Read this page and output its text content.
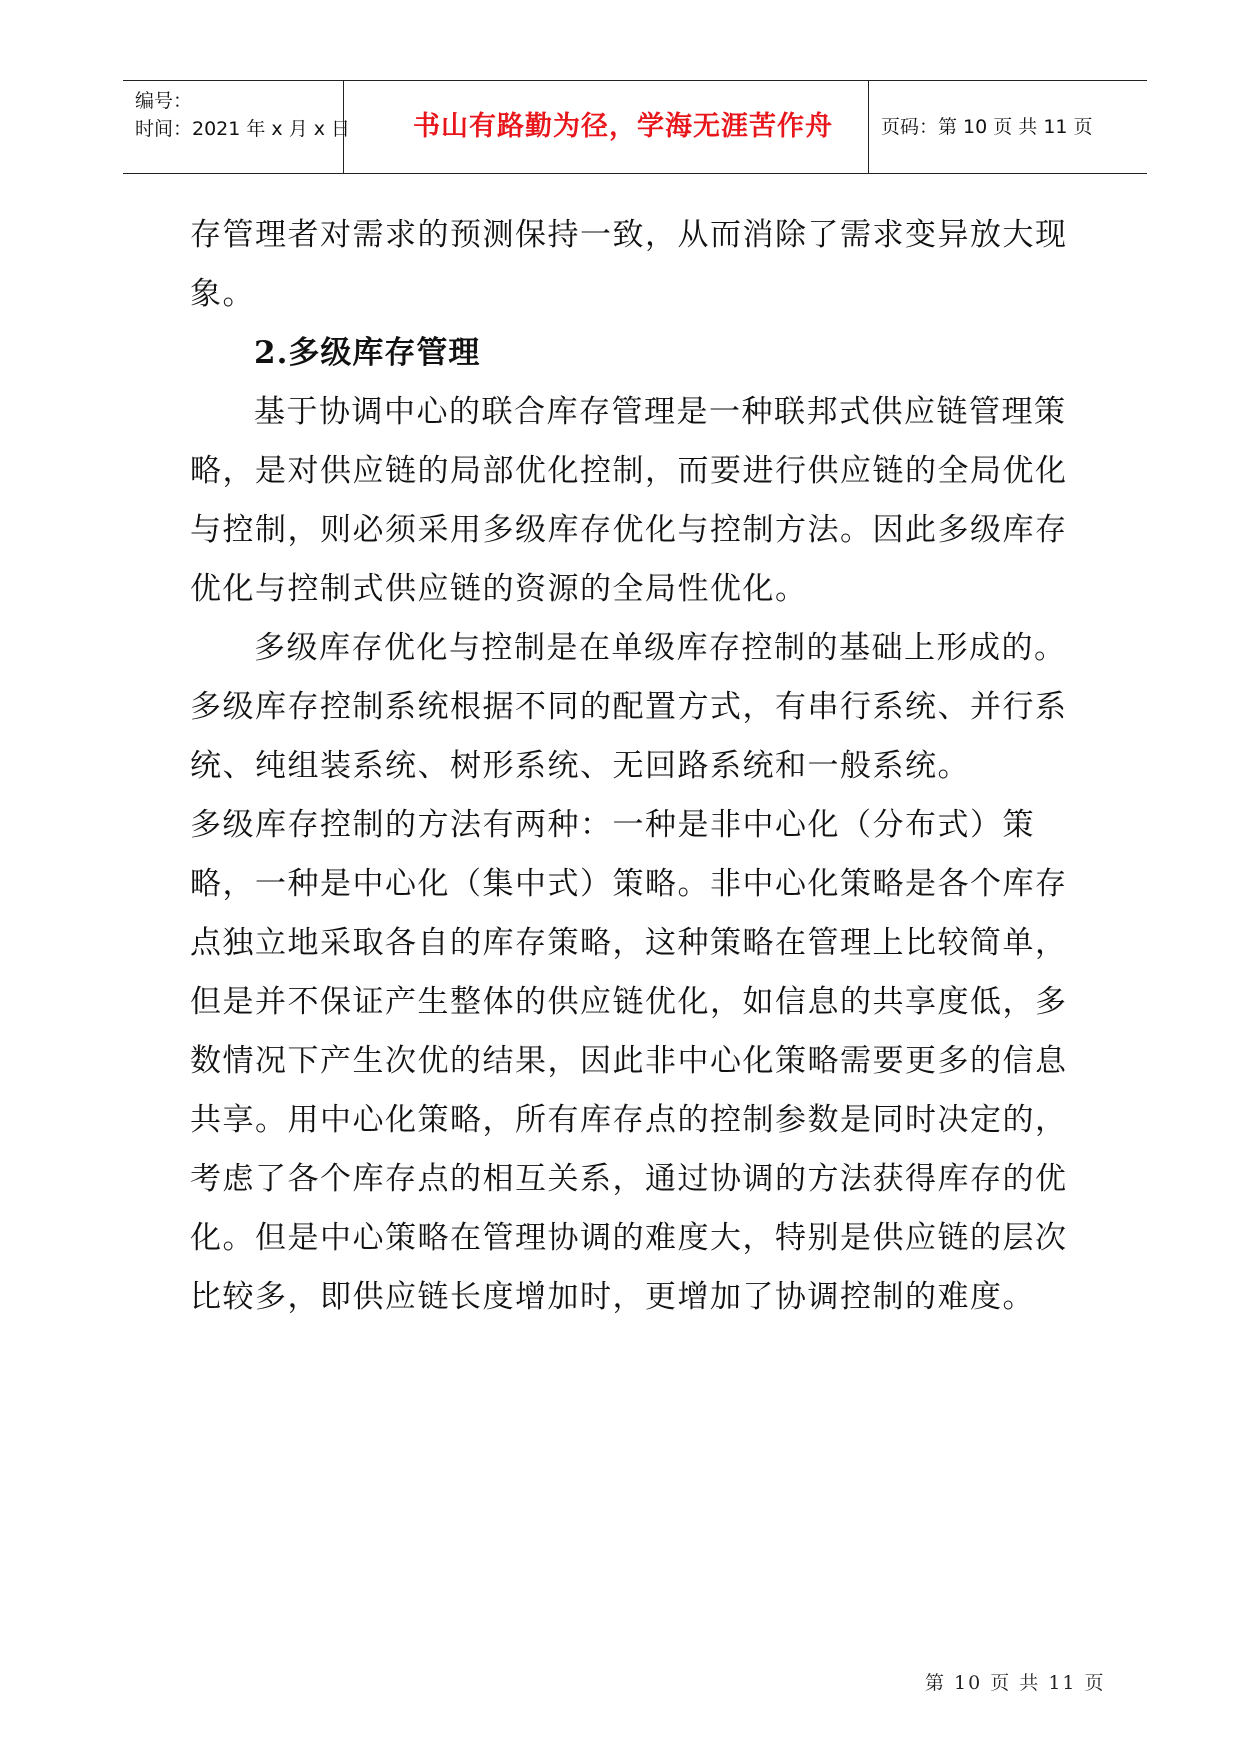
编号：
时间：2021 年 x 月 x 日	书山有路勤为径，学海无涯苦作舟	页码：第 10 页 共 11 页

存管理者对需求的预测保持一致，从而消除了需求变异放大现象。

2.多级库存管理

基于协调中心的联合库存管理是一种联邦式供应链管理策略，是对供应链的局部优化控制，而要进行供应链的全局优化与控制，则必须采用多级库存优化与控制方法。因此多级库存优化与控制式供应链的资源的全局性优化。

多级库存优化与控制是在单级库存控制的基础上形成的。多级库存控制系统根据不同的配置方式，有串行系统、并行系统、纯组装系统、树形系统、无回路系统和一般系统。

多级库存控制的方法有两种：一种是非中心化（分布式）策略，一种是中心化（集中式）策略。非中心化策略是各个库存点独立地采取各自的库存策略，这种策略在管理上比较简单，但是并不保证产生整体的供应链优化，如信息的共享度低，多数情况下产生次优的结果，因此非中心化策略需要更多的信息共享。用中心化策略，所有库存点的控制参数是同时决定的，考虑了各个库存点的相互关系，通过协调的方法获得库存的优化。但是中心策略在管理协调的难度大，特别是供应链的层次比较多，即供应链长度增加时，更增加了协调控制的难度。

第 10 页 共 11 页
